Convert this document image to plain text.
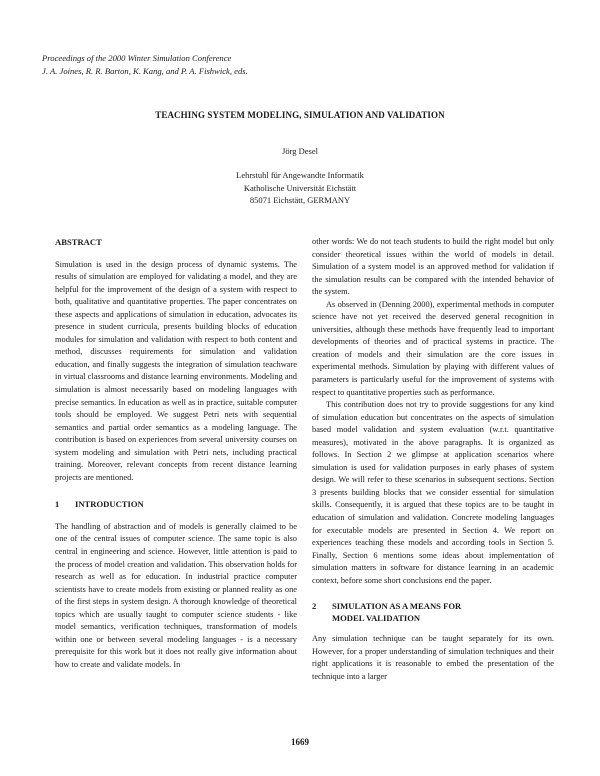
Proceedings of the 2000 Winter Simulation Conference
J. A. Joines, R. R. Barton, K. Kang, and P. A. Fishwick, eds.
TEACHING SYSTEM MODELING, SIMULATION AND VALIDATION
Jörg Desel
Lehrstuhl für Angewandte Informatik
Katholische Universität Eichstätt
85071 Eichstätt, GERMANY
ABSTRACT

Simulation is used in the design process of dynamic systems. The results of simulation are employed for validating a model, and they are helpful for the improvement of the design of a system with respect to both, qualitative and quantitative properties. The paper concentrates on these aspects and applications of simulation in education, advocates its presence in student curricula, presents building blocks of education modules for simulation and validation with respect to both content and method, discusses requirements for simulation and validation education, and finally suggests the integration of simulation teachware in virtual classrooms and distance learning environments. Modeling and simulation is almost necessarily based on modeling languages with precise semantics. In education as well as in practice, suitable computer tools should be employed. We suggest Petri nets with sequential semantics and partial order semantics as a modeling language. The contribution is based on experiences from several university courses on system modeling and simulation with Petri nets, including practical training. Moreover, relevant concepts from recent distance learning projects are mentioned.

1 INTRODUCTION

The handling of abstraction and of models is generally claimed to be one of the central issues of computer science. The same topic is also central in engineering and science. However, little attention is paid to the process of model creation and validation. This observation holds for research as well as for education. In industrial practice computer scientists have to create models from existing or planned reality as one of the first steps in system design. A thorough knowledge of theoretical topics which are usually taught to computer science students - like model semantics, verification techniques, transformation of models within one or between several modeling languages - is a necessary prerequisite for this work but it does not really give information about how to create and validate models. In

other words: We do not teach students to build the right model but only consider theoretical issues within the world of models in detail. Simulation of a system model is an approved method for validation if the simulation results can be compared with the intended behavior of the system.

As observed in (Denning 2000), experimental methods in computer science have not yet received the deserved general recognition in universities, although these methods have frequently lead to important developments of theories and of practical systems in practice. The creation of models and their simulation are the core issues in experimental methods. Simulation by playing with different values of parameters is particularly useful for the improvement of systems with respect to quantitative properties such as performance.

This contribution does not try to provide suggestions for any kind of simulation education but concentrates on the aspects of simulation based model validation and system evaluation (w.r.t. quantitative measures), motivated in the above paragraphs. It is organized as follows. In Section 2 we glimpse at application scenarios where simulation is used for validation purposes in early phases of system design. We will refer to these scenarios in subsequent sections. Section 3 presents building blocks that we consider essential for simulation skills. Consequently, it is argued that these topics are to be taught in education of simulation and validation. Concrete modeling languages for executable models are presented in Section 4. We report on experiences teaching these models and according tools in Section 5. Finally, Section 6 mentions some ideas about implementation of simulation matters in software for distance learning in an academic context, before some short conclusions end the paper.

2 SIMULATION AS A MEANS FOR
MODEL VALIDATION

Any simulation technique can be taught separately for its own. However, for a proper understanding of simulation techniques and their right applications it is reasonable to embed the presentation of the technique into a larger

1669
